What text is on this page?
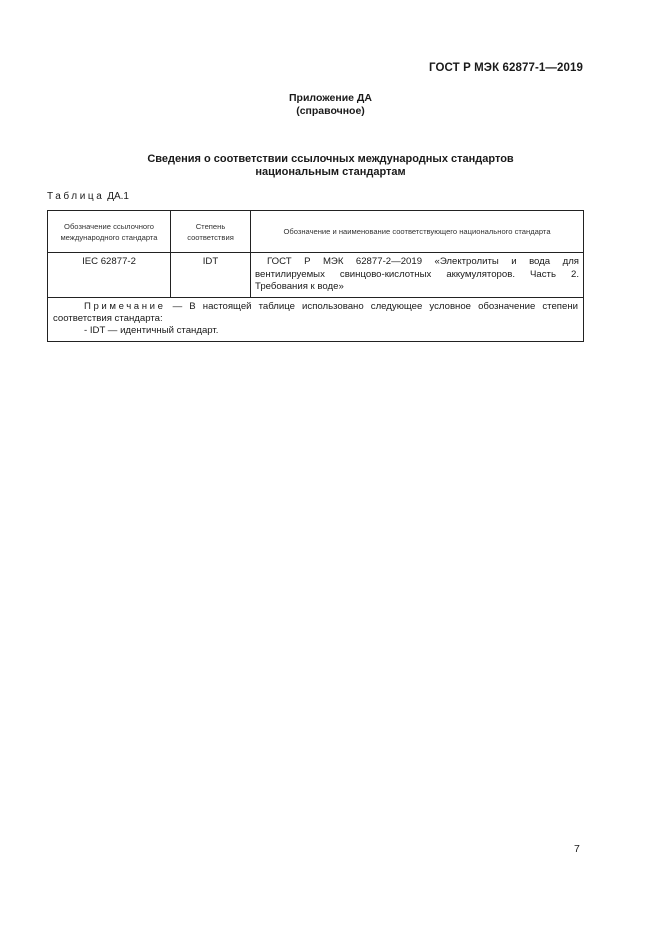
ГОСТ Р МЭК 62877-1—2019
Приложение ДА
(справочное)
Сведения о соответствии ссылочных международных стандартов
национальным стандартам
Таблица ДА.1
Обозначение ссылочного международного стандарта	Степень соответствия	Обозначение и наименование соответствующего национального стандарта
IEC 62877-2	IDT	ГОСТ Р МЭК 62877-2—2019 «Электролиты и вода для вентилируемых свинцово-кислотных аккумуляторов. Часть 2. Требования к воде»

Примечание — В настоящей таблице использовано следующее условное обозначение степени соответствия стандарта:
- IDT — идентичный стандарт.		
7
